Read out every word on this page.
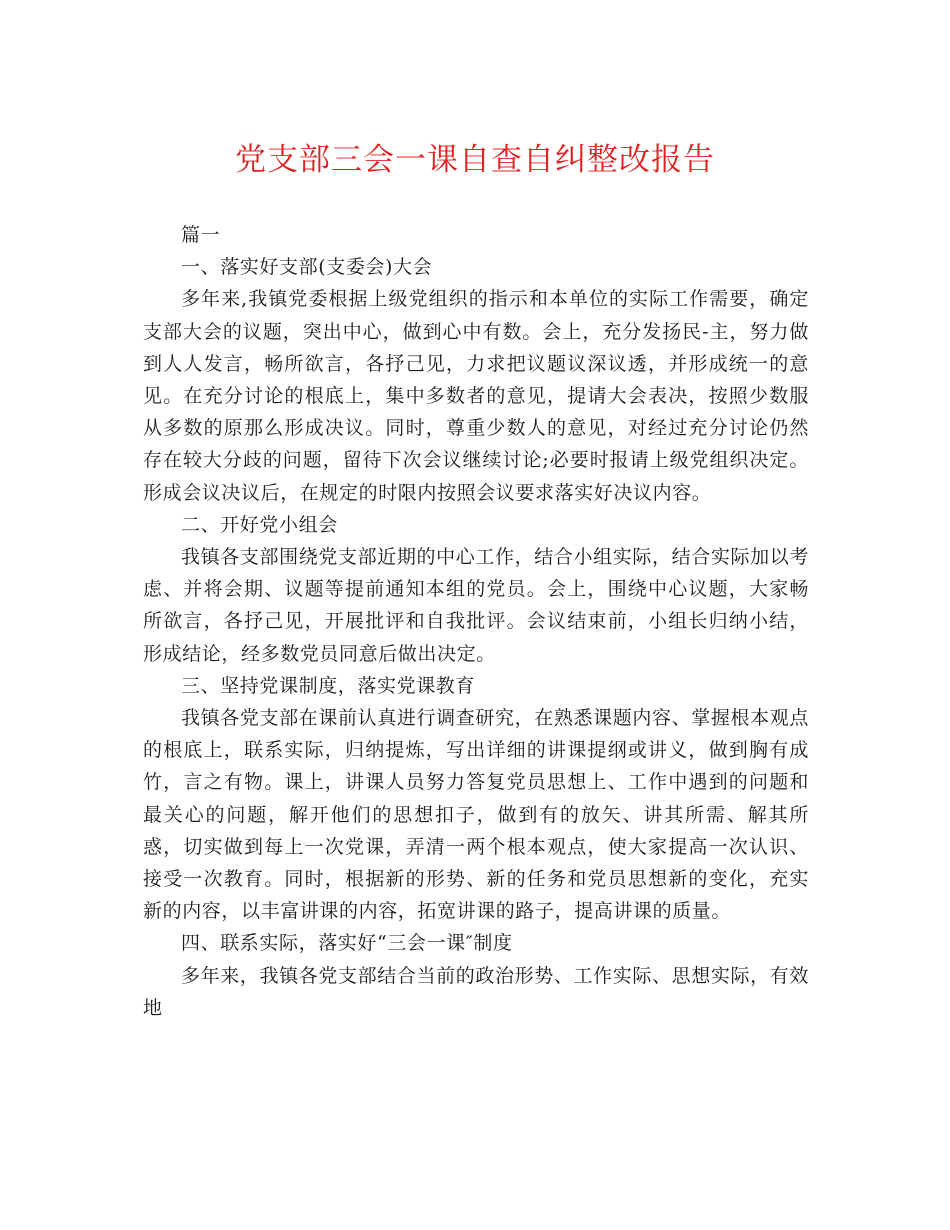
党支部三会一课自查自纠整改报告

篇一

一、落实好支部(支委会)大会

多年来,我镇党委根据上级党组织的指示和本单位的实际工作需要，确定支部大会的议题，突出中心，做到心中有数。会上，充分发扬民-主，努力做到人人发言，畅所欲言，各抒己见，力求把议题议深议透，并形成统一的意见。在充分讨论的根底上，集中多数者的意见，提请大会表决，按照少数服从多数的原那么形成决议。同时，尊重少数人的意见，对经过充分讨论仍然存在较大分歧的问题，留待下次会议继续讨论;必要时报请上级党组织决定。形成会议决议后，在规定的时限内按照会议要求落实好决议内容。

二、开好党小组会

我镇各支部围绕党支部近期的中心工作，结合小组实际，结合实际加以考虑、并将会期、议题等提前通知本组的党员。会上，围绕中心议题，大家畅所欲言，各抒己见，开展批评和自我批评。会议结束前，小组长归纳小结，形成结论，经多数党员同意后做出决定。

三、坚持党课制度，落实党课教育

我镇各党支部在课前认真进行调查研究，在熟悉课题内容、掌握根本观点的根底上，联系实际，归纳提炼，写出详细的讲课提纲或讲义，做到胸有成竹，言之有物。课上，讲课人员努力答复党员思想上、工作中遇到的问题和最关心的问题，解开他们的思想扣子，做到有的放矢、讲其所需、解其所惑，切实做到每上一次党课，弄清一两个根本观点，使大家提高一次认识、接受一次教育。同时，根据新的形势、新的任务和党员思想新的变化，充实新的内容，以丰富讲课的内容，拓宽讲课的路子，提高讲课的质量。

四、联系实际，落实好“三会一课″制度

多年来，我镇各党支部结合当前的政治形势、工作实际、思想实际，有效地
